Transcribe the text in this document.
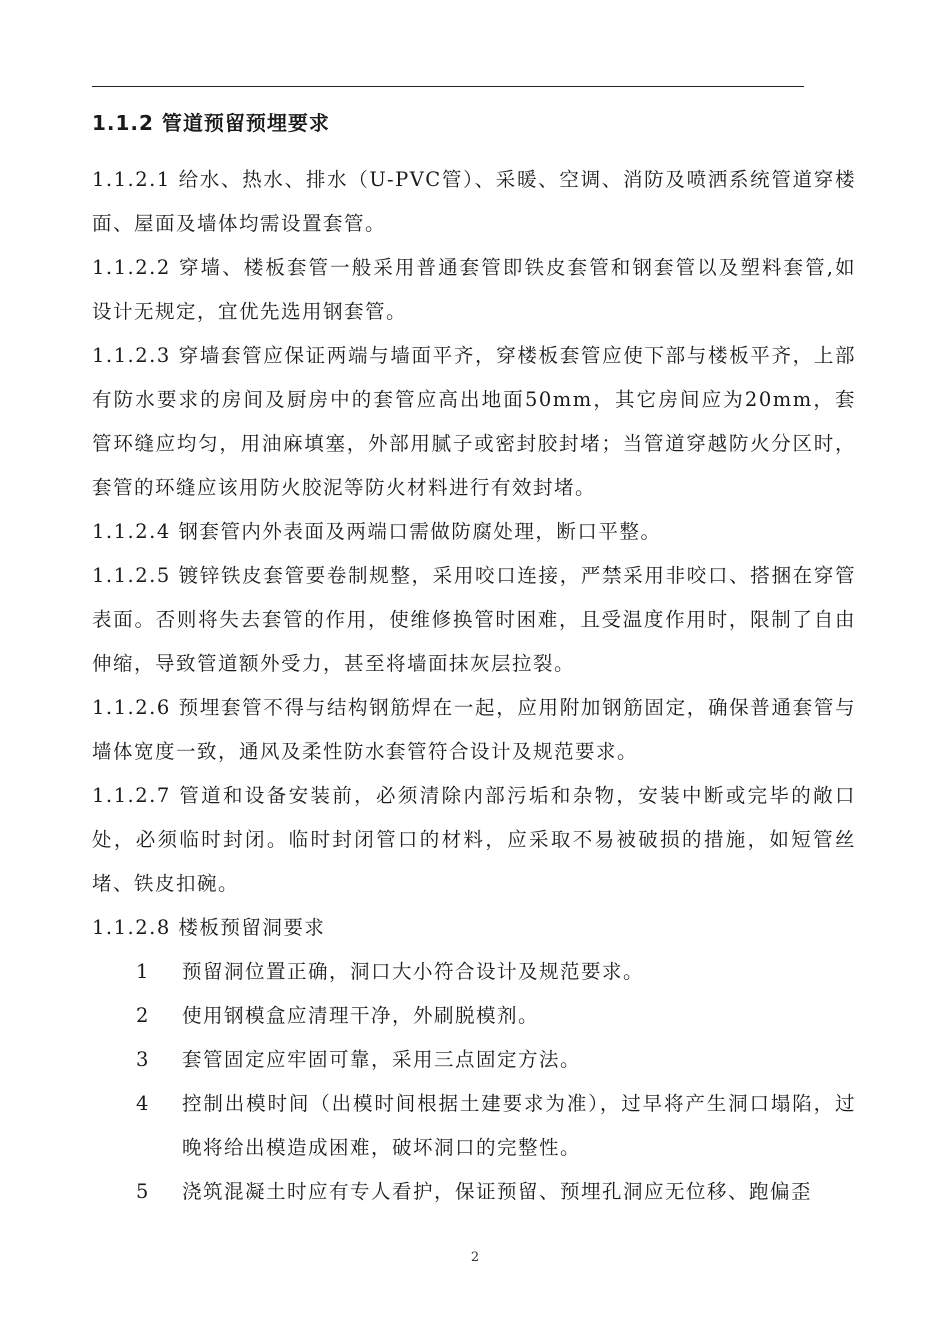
1.1.2 管道预留预埋要求

1.1.2.1 给水、热水、排水（U-PVC管）、采暖、空调、消防及喷洒系统管道穿楼面、屋面及墙体均需设置套管。

1.1.2.2 穿墙、楼板套管一般采用普通套管即铁皮套管和钢套管以及塑料套管,如设计无规定，宜优先选用钢套管。

1.1.2.3 穿墙套管应保证两端与墙面平齐，穿楼板套管应使下部与楼板平齐，上部有防水要求的房间及厨房中的套管应高出地面50mm，其它房间应为20mm，套管环缝应均匀，用油麻填塞，外部用腻子或密封胶封堵；当管道穿越防火分区时，套管的环缝应该用防火胶泥等防火材料进行有效封堵。

1.1.2.4 钢套管内外表面及两端口需做防腐处理，断口平整。

1.1.2.5 镀锌铁皮套管要卷制规整，采用咬口连接，严禁采用非咬口、搭捆在穿管表面。否则将失去套管的作用，使维修换管时困难，且受温度作用时，限制了自由伸缩，导致管道额外受力，甚至将墙面抹灰层拉裂。

1.1.2.6 预埋套管不得与结构钢筋焊在一起，应用附加钢筋固定，确保普通套管与墙体宽度一致，通风及柔性防水套管符合设计及规范要求。

1.1.2.7 管道和设备安装前，必须清除内部污垢和杂物，安装中断或完毕的敞口处，必须临时封闭。临时封闭管口的材料，应采取不易被破损的措施，如短管丝堵、铁皮扣碗。

1.1.2.8 楼板预留洞要求

1	预留洞位置正确，洞口大小符合设计及规范要求。
2	使用钢模盒应清理干净，外刷脱模剂。
3	套管固定应牢固可靠，采用三点固定方法。
4	控制出模时间（出模时间根据土建要求为准），过早将产生洞口塌陷，过晚将给出模造成困难，破坏洞口的完整性。
5	浇筑混凝土时应有专人看护，保证预留、预埋孔洞应无位移、跑偏歪
2
